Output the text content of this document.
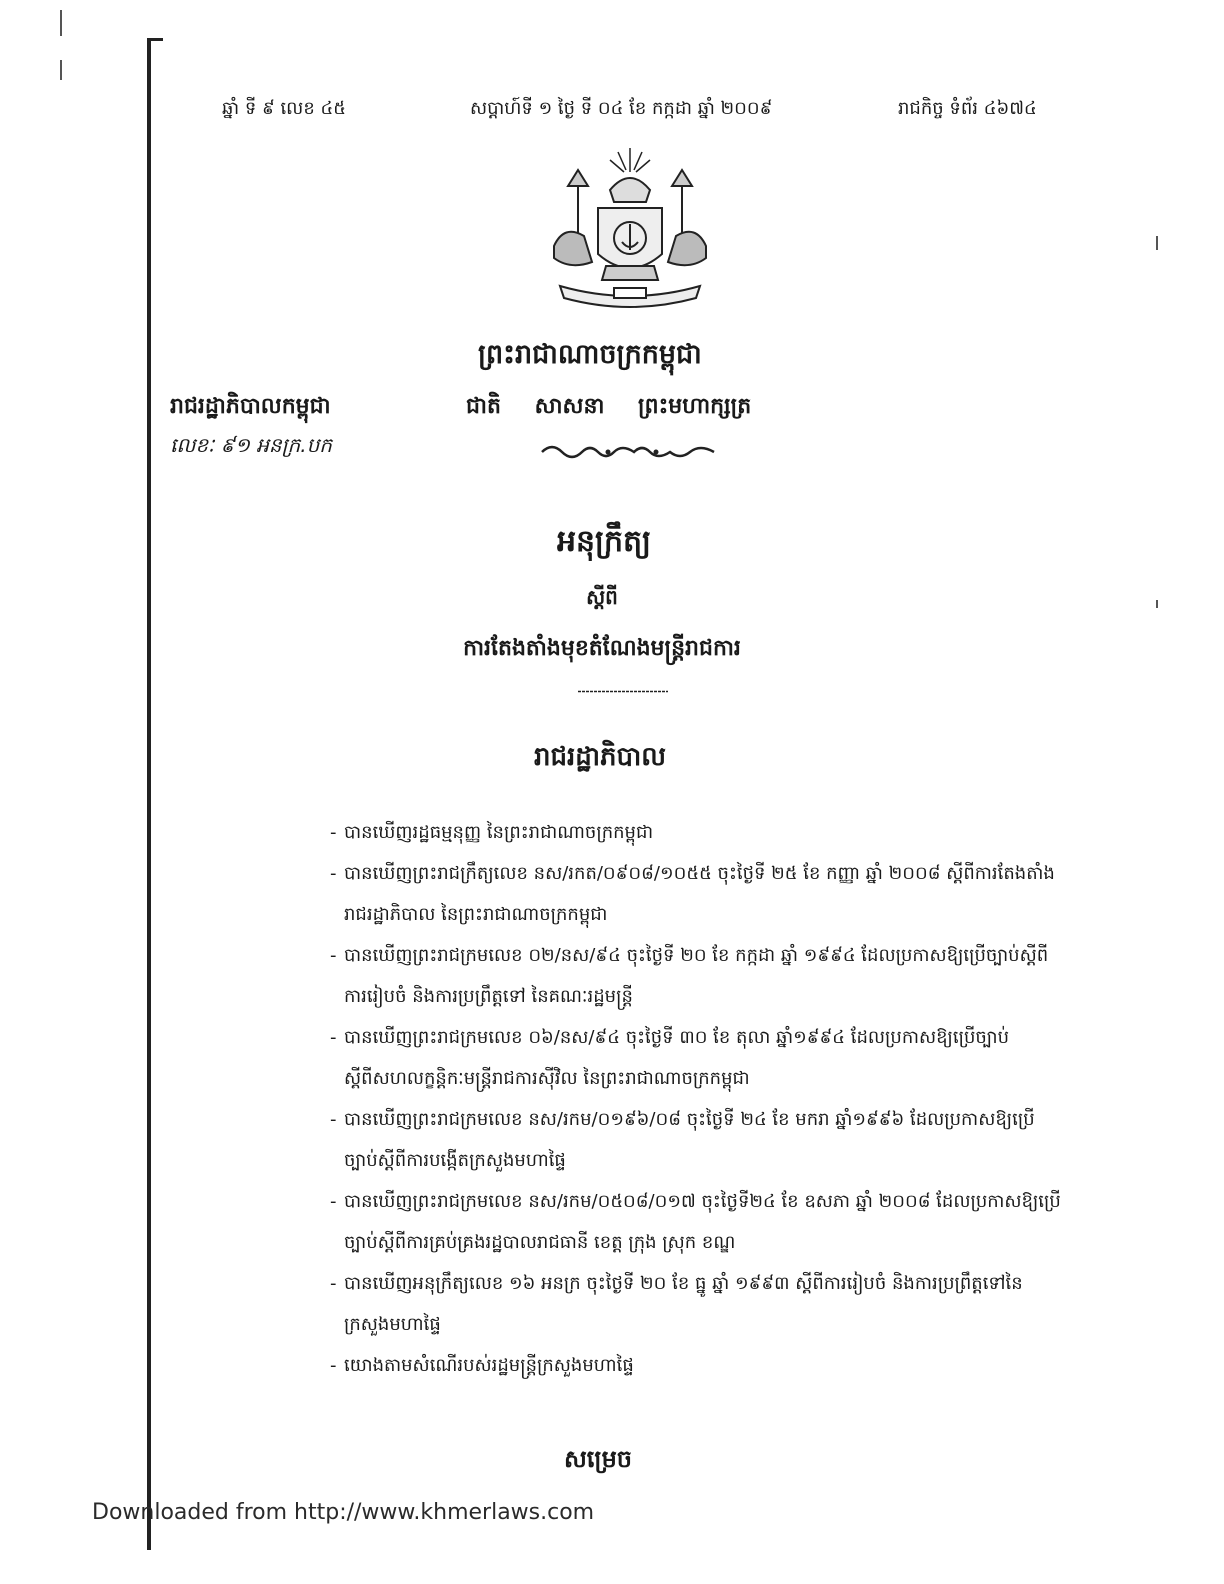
ឆ្នាំ ទី ៩ លេខ ៤៥	សប្តាហ៍ទី ១ ថ្ងៃ ទី ០៤ ខែ កក្កដា ឆ្នាំ ២០០៩	រាជកិច្ច ទំព័រ ៤៦៧៤
ព្រះរាជាណាចក្រកម្ពុជា
រាជរដ្ឋាភិបាលកម្ពុជា	ជាតិ សាសនា ព្រះមហាក្សត្រ
លេខៈ ៩១ អនក្រ.បក
អនុក្រឹត្យ
ស្តីពី
ការតែងតាំងមុខតំណែងមន្ត្រីរាជការ
រាជរដ្ឋាភិបាល
- បានឃើញរដ្ឋធម្មនុញ្ញ នៃព្រះរាជាណាចក្រកម្ពុជា
- បានឃើញព្រះរាជក្រឹត្យលេខ នស/រកត/០៩០៨/១០៥៥ ចុះថ្ងៃទី ២៥ ខែ កញ្ញា ឆ្នាំ ២០០៨ ស្តីពីការតែងតាំងរាជរដ្ឋាភិបាល នៃព្រះរាជាណាចក្រកម្ពុជា
- បានឃើញព្រះរាជក្រមលេខ ០២/នស/៩៤ ចុះថ្ងៃទី ២០ ខែ កក្កដា ឆ្នាំ ១៩៩៤ ដែលប្រកាសឱ្យប្រើច្បាប់ស្តីពីការរៀបចំ និងការប្រព្រឹត្តទៅ នៃគណៈរដ្ឋមន្ត្រី
- បានឃើញព្រះរាជក្រមលេខ ០៦/នស/៩៤ ចុះថ្ងៃទី ៣០ ខែ តុលា ឆ្នាំ១៩៩៤ ដែលប្រកាសឱ្យប្រើច្បាប់ស្តីពីសហលក្ខន្តិកៈមន្ត្រីរាជការស៊ីវិល នៃព្រះរាជាណាចក្រកម្ពុជា
- បានឃើញព្រះរាជក្រមលេខ នស/រកម/០១៩៦/០៨ ចុះថ្ងៃទី ២៤ ខែ មករា ឆ្នាំ១៩៩៦ ដែលប្រកាសឱ្យប្រើច្បាប់ស្តីពីការបង្កើតក្រសួងមហាផ្ទៃ
- បានឃើញព្រះរាជក្រមលេខ នស/រកម/០៥០៨/០១៧ ចុះថ្ងៃទី២៤ ខែ ឧសភា ឆ្នាំ ២០០៨ ដែលប្រកាសឱ្យប្រើច្បាប់ស្តីពីការគ្រប់គ្រងរដ្ឋបាលរាជធានី ខេត្ត ក្រុង ស្រុក ខណ្ឌ
- បានឃើញអនុក្រឹត្យលេខ ១៦ អនក្រ ចុះថ្ងៃទី ២០ ខែ ធ្នូ ឆ្នាំ ១៩៩៣ ស្តីពីការរៀបចំ និងការប្រព្រឹត្តទៅនៃក្រសួងមហាផ្ទៃ
- យោងតាមសំណើរបស់រដ្ឋមន្ត្រីក្រសួងមហាផ្ទៃ
សម្រេច
Downloaded from http://www.khmerlaws.com
